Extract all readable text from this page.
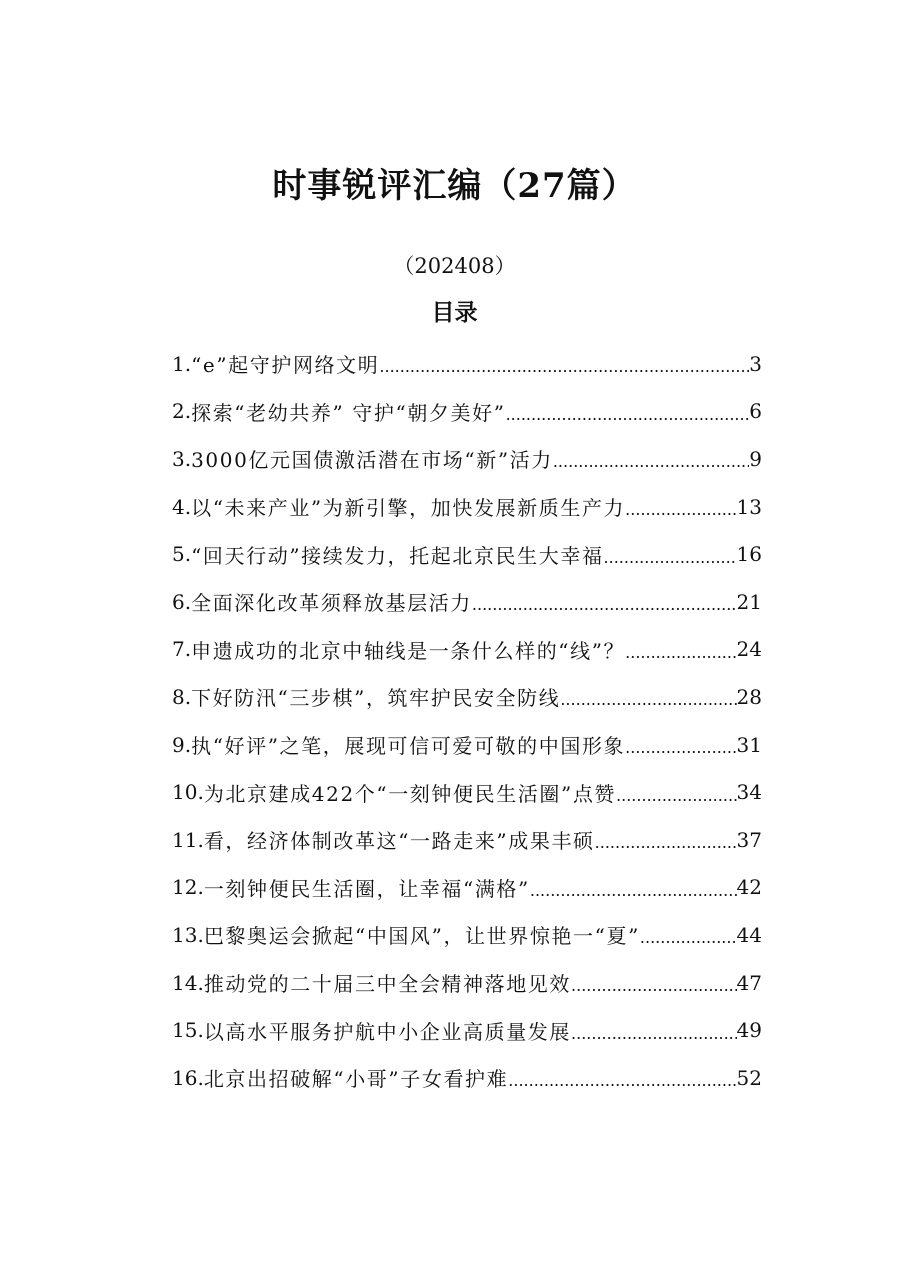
时事锐评汇编（27篇）
（202408）
目录
1. “e”起守护网络文明 .....	3
2. 探索“老幼共养” 守护“朝夕美好” .....	6
3. 3000亿元国债激活潜在市场“新”活力 .....	9
4. 以“未来产业”为新引擎，加快发展新质生产力 .....	13
5. “回天行动”接续发力，托起北京民生大幸福 .....	16
6. 全面深化改革须释放基层活力 .....	21
7. 申遗成功的北京中轴线是一条什么样的“线”？ .....	24
8. 下好防汛“三步棋”，筑牢护民安全防线 .....	28
9. 执“好评”之笔，展现可信可爱可敬的中国形象 .....	31
10. 为北京建成422个“一刻钟便民生活圈”点赞 .....	34
11. 看，经济体制改革这“一路走来”成果丰硕 .....	37
12. 一刻钟便民生活圈，让幸福“满格” .....	42
13. 巴黎奥运会掀起“中国风”，让世界惊艳一“夏” .....	44
14. 推动党的二十届三中全会精神落地见效 .....	47
15. 以高水平服务护航中小企业高质量发展 .....	49
16. 北京出招破解“小哥”子女看护难 .....	52
